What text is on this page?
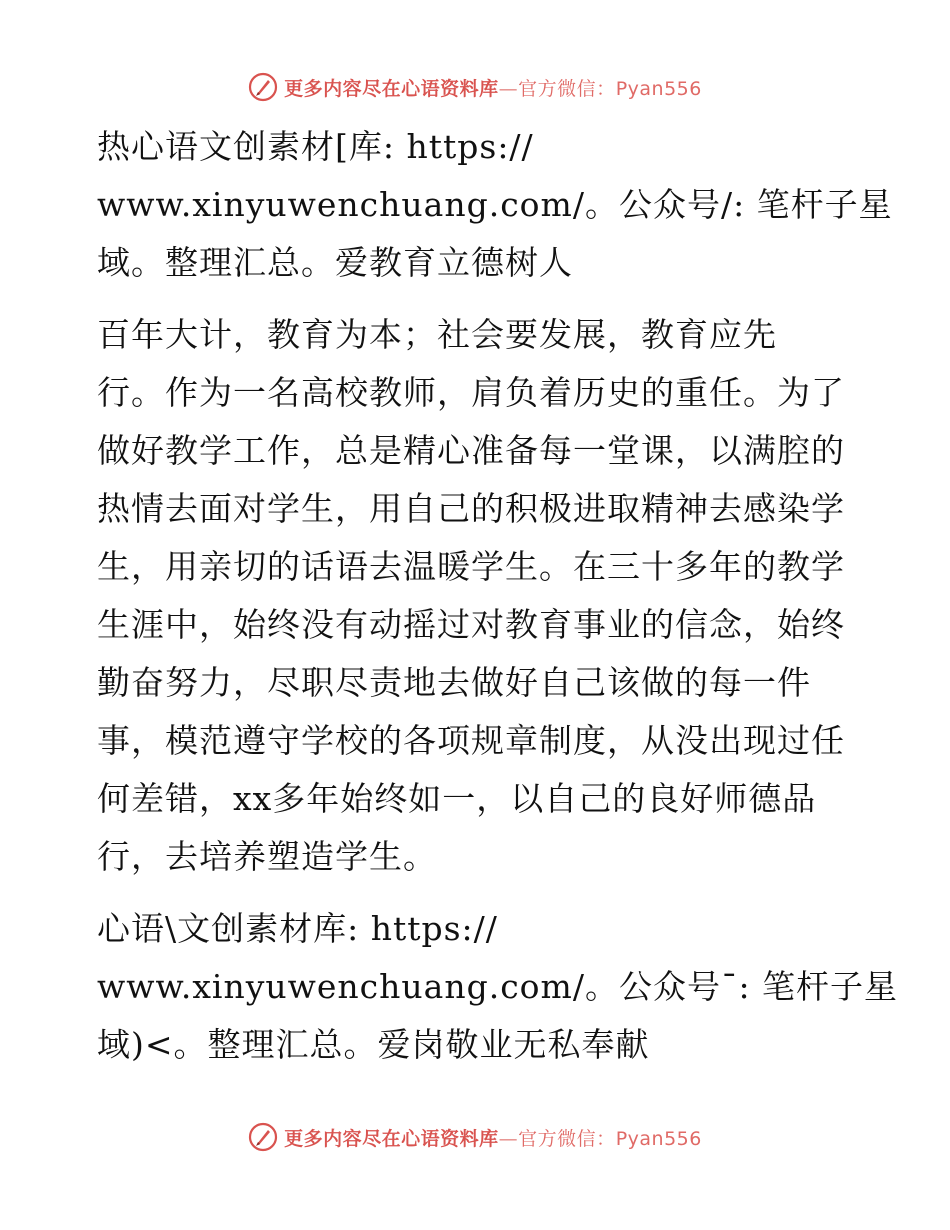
更多内容尽在心语资料库—官方微信：Pyan556

热心语文创素材[库: https://
www.xinyuwenchuang.com/。公众号/: 笔杆子星
域。整理汇总。爱教育立德树人

百年大计，教育为本；社会要发展，教育应先
行。作为一名高校教师，肩负着历史的重任。为了
做好教学工作，总是精心准备每一堂课，以满腔的
热情去面对学生，用自己的积极进取精神去感染学
生，用亲切的话语去温暖学生。在三十多年的教学
生涯中，始终没有动摇过对教育事业的信念，始终
勤奋努力，尽职尽责地去做好自己该做的每一件
事，模范遵守学校的各项规章制度，从没出现过任
何差错，xx多年始终如一，以自己的良好师德品
行，去培养塑造学生。

心语\文创素材库: https://
www.xinyuwenchuang.com/。公众号¯: 笔杆子星
域)<。整理汇总。爱岗敬业无私奉献

更多内容尽在心语资料库—官方微信：Pyan556
